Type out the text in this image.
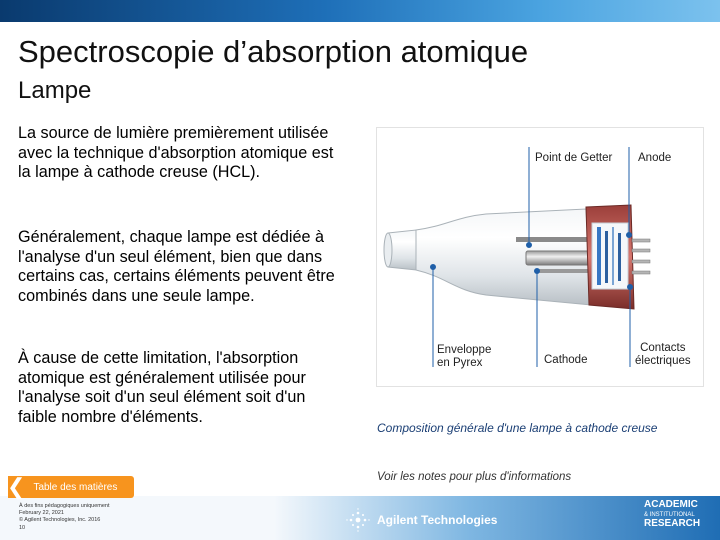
Spectroscopie d’absorption atomique
Lampe
La source de lumière premièrement utilisée avec la technique d'absorption atomique est la lampe à cathode creuse (HCL).
Généralement, chaque lampe est dédiée à l'analyse d'un seul élément, bien que dans certains cas, certains éléments peuvent être combinés dans une seule lampe.
À cause de cette limitation, l'absorption atomique est généralement utilisée pour l'analyse soit d'un seul élément soit d'un faible nombre d'éléments.
Point de Getter Anode
Enveloppe
en Pyrex	Cathode
Contacts
électriques
Composition générale d'une lampe à cathode creuse
Voir les notes pour plus d'informations
❮ Table des matières
À des fins pédagogiques uniquement
February 22, 2021
© Agilent Technologies, Inc. 2016
10
Agilent Technologies
ACADEMIC
& INSTITUTIONAL
RESEARCH
